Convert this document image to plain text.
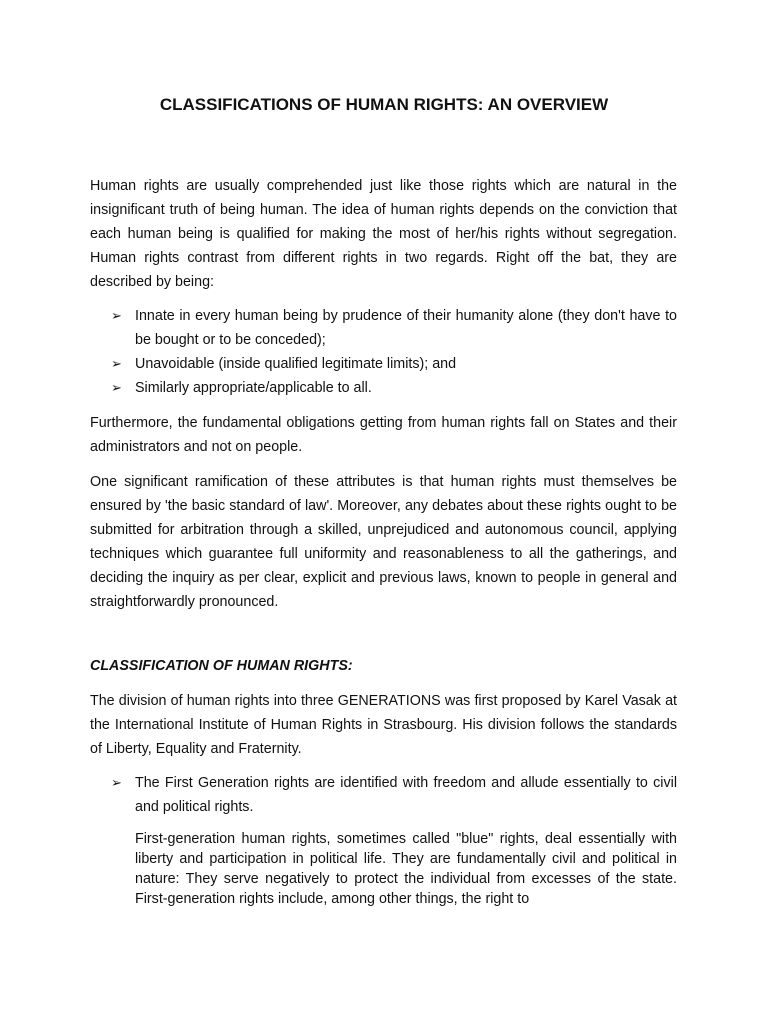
CLASSIFICATIONS OF HUMAN RIGHTS: AN OVERVIEW

Human rights are usually comprehended just like those rights which are natural in the insignificant truth of being human. The idea of human rights depends on the conviction that each human being is qualified for making the most of her/his rights without segregation. Human rights contrast from different rights in two regards. Right off the bat, they are described by being:

➢ Innate in every human being by prudence of their humanity alone (they don't have to be bought or to be conceded);
➢ Unavoidable (inside qualified legitimate limits); and
➢ Similarly appropriate/applicable to all.

Furthermore, the fundamental obligations getting from human rights fall on States and their administrators and not on people.

One significant ramification of these attributes is that human rights must themselves be ensured by 'the basic standard of law'. Moreover, any debates about these rights ought to be submitted for arbitration through a skilled, unprejudiced and autonomous council, applying techniques which guarantee full uniformity and reasonableness to all the gatherings, and deciding the inquiry as per clear, explicit and previous laws, known to people in general and straightforwardly pronounced.

CLASSIFICATION OF HUMAN RIGHTS:

The division of human rights into three GENERATIONS was first proposed by Karel Vasak at the International Institute of Human Rights in Strasbourg. His division follows the standards of Liberty, Equality and Fraternity.

➢ The First Generation rights are identified with freedom and allude essentially to civil and political rights.

First-generation human rights, sometimes called "blue" rights, deal essentially with liberty and participation in political life. They are fundamentally civil and political in nature: They serve negatively to protect the individual from excesses of the state. First-generation rights include, among other things, the right to
